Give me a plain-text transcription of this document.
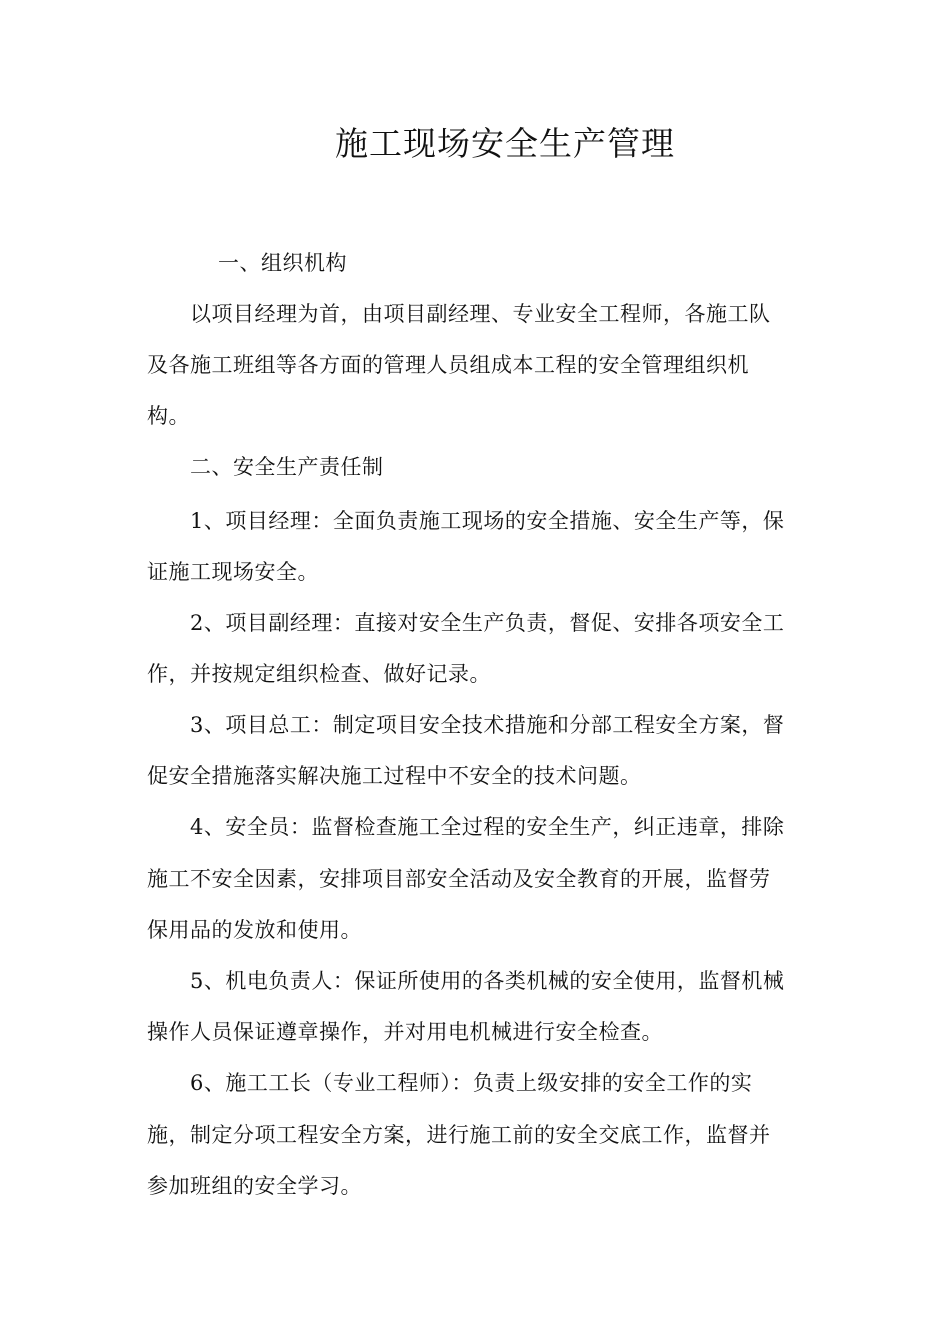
施工现场安全生产管理
一、组织机构
以项目经理为首，由项目副经理、专业安全工程师，各施工队
及各施工班组等各方面的管理人员组成本工程的安全管理组织机
构。
二、安全生产责任制
1、项目经理：全面负责施工现场的安全措施、安全生产等，保
证施工现场安全。
2、项目副经理：直接对安全生产负责，督促、安排各项安全工
作，并按规定组织检查、做好记录。
3、项目总工：制定项目安全技术措施和分部工程安全方案，督
促安全措施落实解决施工过程中不安全的技术问题。
4、安全员：监督检查施工全过程的安全生产，纠正违章，排除
施工不安全因素，安排项目部安全活动及安全教育的开展，监督劳
保用品的发放和使用。
5、机电负责人：保证所使用的各类机械的安全使用，监督机械
操作人员保证遵章操作，并对用电机械进行安全检查。
6、施工工长（专业工程师）：负责上级安排的安全工作的实
施，制定分项工程安全方案，进行施工前的安全交底工作，监督并
参加班组的安全学习。
